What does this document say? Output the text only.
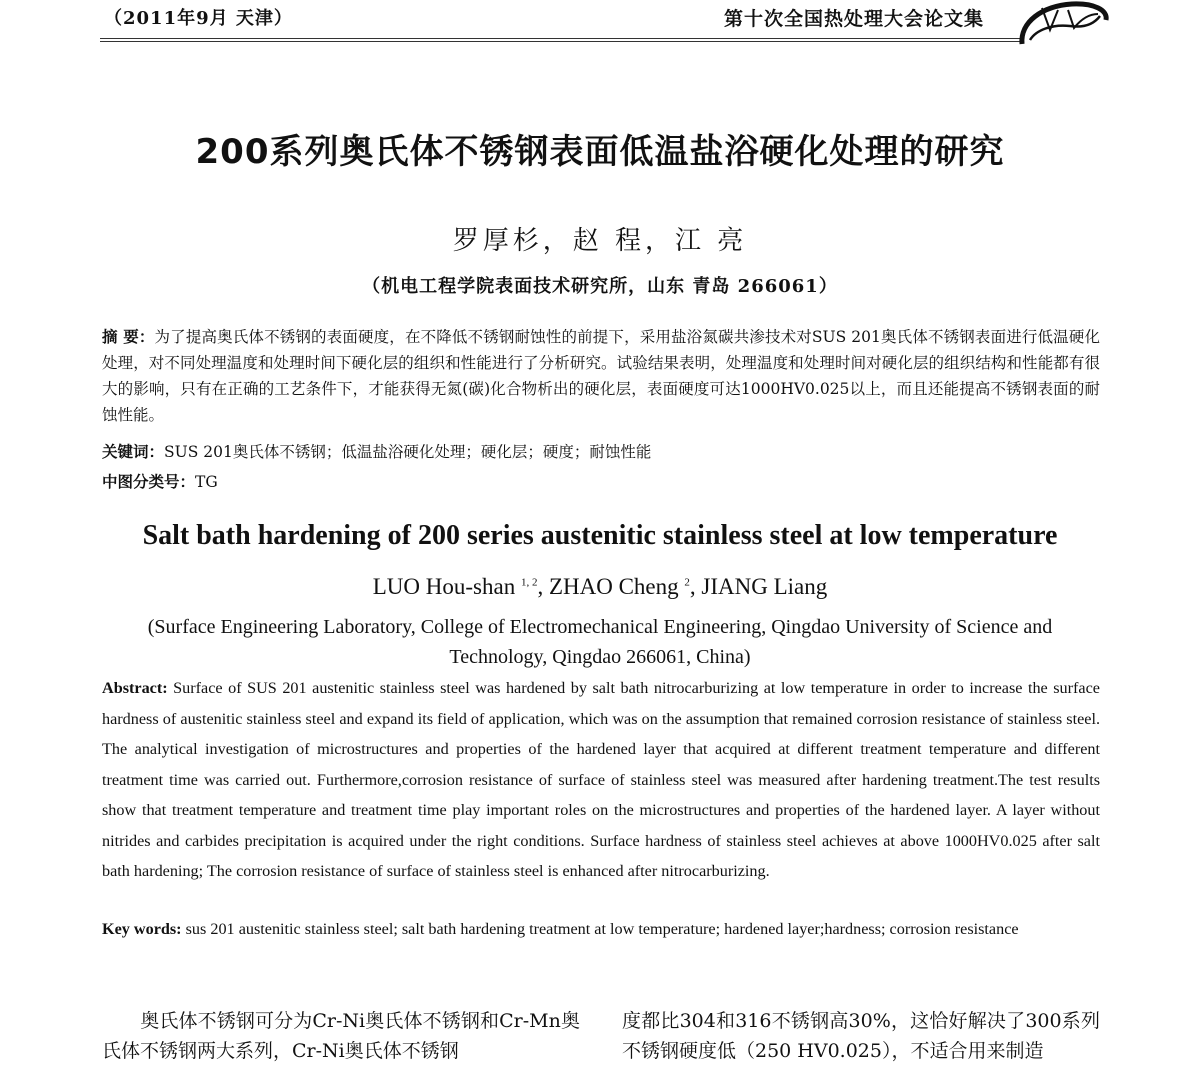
（2011年9月 天津）	第十次全国热处理大会论文集
200系列奥氏体不锈钢表面低温盐浴硬化处理的研究
罗厚杉，赵 程，江 亮
（机电工程学院表面技术研究所，山东 青岛 266061）

摘 要：为了提高奥氏体不锈钢的表面硬度，在不降低不锈钢耐蚀性的前提下，采用盐浴氮碳共渗技术对SUS 201奥氏体不锈钢表面进行低温硬化处理，对不同处理温度和处理时间下硬化层的组织和性能进行了分析研究。试验结果表明，处理温度和处理时间对硬化层的组织结构和性能都有很大的影响，只有在正确的工艺条件下，才能获得无氮(碳)化合物析出的硬化层，表面硬度可达1000HV0.025以上，而且还能提高不锈钢表面的耐蚀性能。

关键词：SUS 201奥氏体不锈钢；低温盐浴硬化处理；硬化层；硬度；耐蚀性能

中图分类号：TG

Salt bath hardening of 200 series austenitic stainless steel at low temperature
LUO Hou-shan $^{1, 2}$, ZHAO Cheng $^2$, JIANG Liang

(Surface Engineering Laboratory, College of Electromechanical Engineering, Qingdao University of Science and Technology, Qingdao 266061, China)

Abstract: Surface of SUS 201 austenitic stainless steel was hardened by salt bath nitrocarburizing at low temperature in order to increase the surface hardness of austenitic stainless steel and expand its field of application, which was on the assumption that remained corrosion resistance of stainless steel. The analytical investigation of microstructures and properties of the hardened layer that acquired at different treatment temperature and different treatment time was carried out. Furthermore,corrosion resistance of surface of stainless steel was measured after hardening treatment.The test results show that treatment temperature and treatment time play important roles on the microstructures and properties of the hardened layer. A layer without nitrides and carbides precipitation is acquired under the right conditions. Surface hardness of stainless steel achieves at above 1000HV0.025 after salt bath hardening; The corrosion resistance of surface of stainless steel is enhanced after nitrocarburizing.

Key words: sus 201 austenitic stainless steel; salt bath hardening treatment at low temperature; hardened layer;hardness; corrosion resistance

　　奥氏体不锈钢可分为Cr-Ni奥氏体不锈钢和Cr-Mn奥氏体不锈钢两大系列，Cr-Ni奥氏体不锈钢

度都比304和316不锈钢高30%，这恰好解决了300系列不锈钢硬度低（250 HV0.025），不适合用来制造
